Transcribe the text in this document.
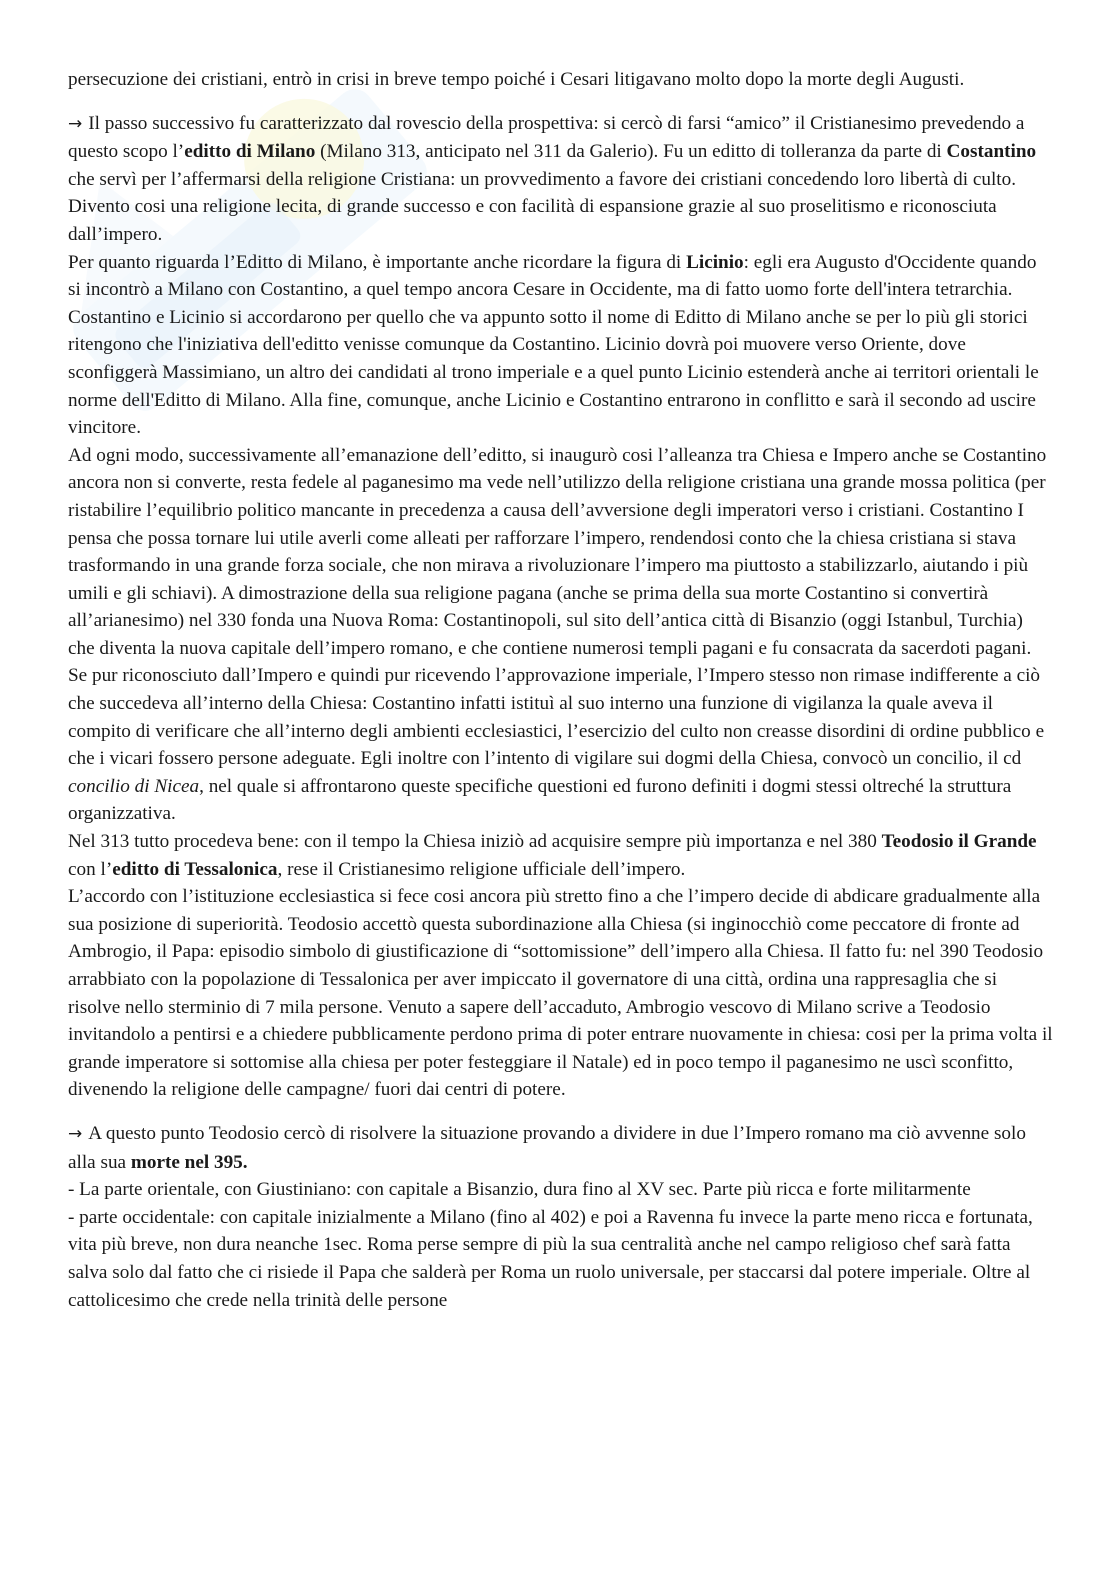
persecuzione dei cristiani, entrò in crisi in breve tempo poiché i Cesari litigavano molto dopo la morte degli Augusti.

→ Il passo successivo fu caratterizzato dal rovescio della prospettiva: si cercò di farsi “amico” il Cristianesimo prevedendo a questo scopo l’editto di Milano (Milano 313, anticipato nel 311 da Galerio). Fu un editto di tolleranza da parte di Costantino che servì per l’affermarsi della religione Cristiana: un provvedimento a favore dei cristiani concedendo loro libertà di culto. Divento cosi una religione lecita, di grande successo e con facilità di espansione grazie al suo proselitismo e riconosciuta dall’impero.

Per quanto riguarda l’Editto di Milano, è importante anche ricordare la figura di Licinio: egli era Augusto d'Occidente quando si incontrò a Milano con Costantino, a quel tempo ancora Cesare in Occidente, ma di fatto uomo forte dell'intera tetrarchia. Costantino e Licinio si accordarono per quello che va appunto sotto il nome di Editto di Milano anche se per lo più gli storici ritengono che l'iniziativa dell'editto venisse comunque da Costantino. Licinio dovrà poi muovere verso Oriente, dove sconfiggerà Massimiano, un altro dei candidati al trono imperiale e a quel punto Licinio estenderà anche ai territori orientali le norme dell'Editto di Milano. Alla fine, comunque, anche Licinio e Costantino entrarono in conflitto e sarà il secondo ad uscire vincitore.

Ad ogni modo, successivamente all’emanazione dell’editto, si inaugurò cosi l’alleanza tra Chiesa e Impero anche se Costantino ancora non si converte, resta fedele al paganesimo ma vede nell’utilizzo della religione cristiana una grande mossa politica (per ristabilire l’equilibrio politico mancante in precedenza a causa dell’avversione degli imperatori verso i cristiani. Costantino I pensa che possa tornare lui utile averli come alleati per rafforzare l’impero, rendendosi conto che la chiesa cristiana si stava trasformando in una grande forza sociale, che non mirava a rivoluzionare l’impero ma piuttosto a stabilizzarlo, aiutando i più umili e gli schiavi). A dimostrazione della sua religione pagana (anche se prima della sua morte Costantino si convertirà all’arianesimo) nel 330 fonda una Nuova Roma: Costantinopoli, sul sito dell’antica città di Bisanzio (oggi Istanbul, Turchia) che diventa la nuova capitale dell’impero romano, e che contiene numerosi templi pagani e fu consacrata da sacerdoti pagani.

Se pur riconosciuto dall’Impero e quindi pur ricevendo l’approvazione imperiale, l’Impero stesso non rimase indifferente a ciò che succedeva all’interno della Chiesa: Costantino infatti istituì al suo interno una funzione di vigilanza la quale aveva il compito di verificare che all’interno degli ambienti ecclesiastici, l’esercizio del culto non creasse disordini di ordine pubblico e che i vicari fossero persone adeguate. Egli inoltre con l’intento di vigilare sui dogmi della Chiesa, convocò un concilio, il cd concilio di Nicea, nel quale si affrontarono queste specifiche questioni ed furono definiti i dogmi stessi oltreché la struttura organizzativa.

Nel 313 tutto procedeva bene: con il tempo la Chiesa iniziò ad acquisire sempre più importanza e nel 380 Teodosio il Grande con l’editto di Tessalonica, rese il Cristianesimo religione ufficiale dell’impero.

L’accordo con l’istituzione ecclesiastica si fece cosi ancora più stretto fino a che l’impero decide di abdicare gradualmente alla sua posizione di superiorità. Teodosio accettò questa subordinazione alla Chiesa (si inginocchiò come peccatore di fronte ad Ambrogio, il Papa: episodio simbolo di giustificazione di “sottomissione” dell’impero alla Chiesa. Il fatto fu: nel 390 Teodosio arrabbiato con la popolazione di Tessalonica per aver impiccato il governatore di una città, ordina una rappresaglia che si risolve nello sterminio di 7 mila persone. Venuto a sapere dell’accaduto, Ambrogio vescovo di Milano scrive a Teodosio invitandolo a pentirsi e a chiedere pubblicamente perdono prima di poter entrare nuovamente in chiesa: cosi per la prima volta il grande imperatore si sottomise alla chiesa per poter festeggiare il Natale) ed in poco tempo il paganesimo ne uscì sconfitto, divenendo la religione delle campagne/ fuori dai centri di potere.

→ A questo punto Teodosio cercò di risolvere la situazione provando a dividere in due l’Impero romano ma ciò avvenne solo alla sua morte nel 395.

- La parte orientale, con Giustiniano: con capitale a Bisanzio, dura fino al XV sec. Parte più ricca e forte militarmente

- parte occidentale: con capitale inizialmente a Milano (fino al 402) e poi a Ravenna fu invece la parte meno ricca e fortunata, vita più breve, non dura neanche 1sec. Roma perse sempre di più la sua centralità anche nel campo religioso chef sarà fatta salva solo dal fatto che ci risiede il Papa che salderà per Roma un ruolo universale, per staccarsi dal potere imperiale. Oltre al cattolicesimo che crede nella trinità delle persone
